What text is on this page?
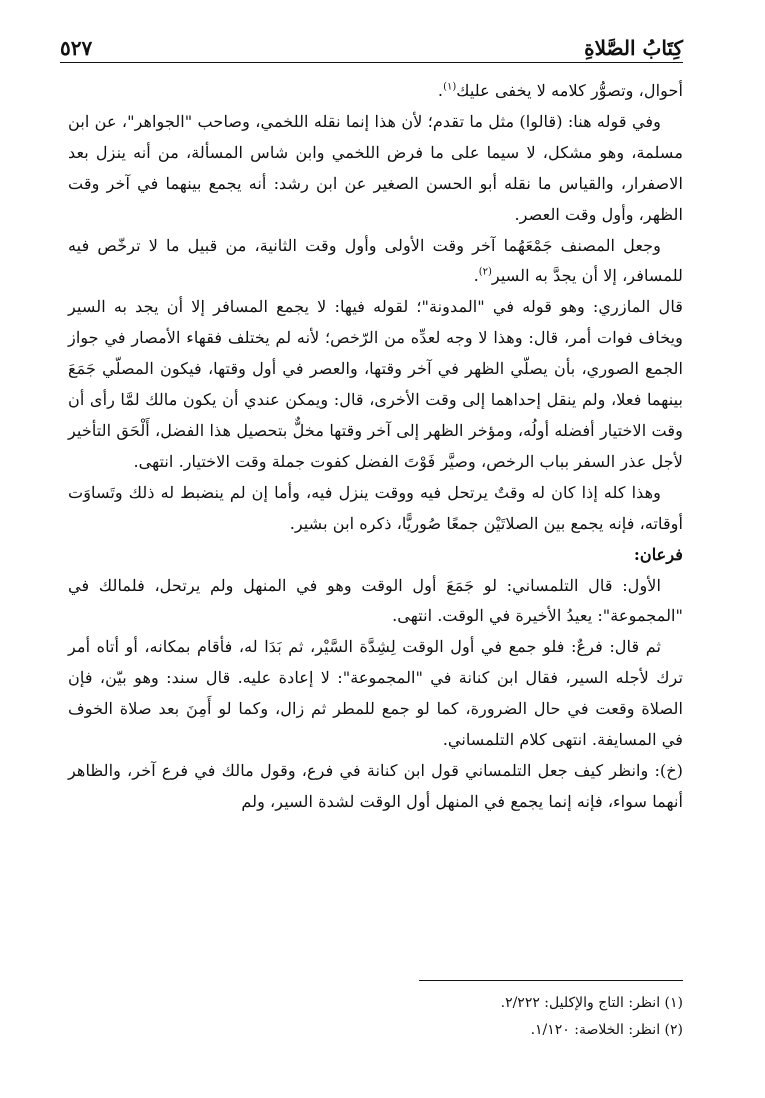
كِتَابُ الصَّلاةِ
٥٢٧

أحوال، وتصوُّر كلامه لا يخفى عليك$^{(١)}$.

وفي قوله هنا: (قالوا) مثل ما تقدم؛ لأن هذا إنما نقله اللخمي، وصاحب "الجواهر"، عن ابن مسلمة، وهو مشكل، لا سيما على ما فرض اللخمي وابن شاس المسألة، من أنه ينزل بعد الاصفرار، والقياس ما نقله أبو الحسن الصغير عن ابن رشد: أنه يجمع بينهما في آخر وقت الظهر، وأول وقت العصر.

وجعل المصنف جَمْعَهُما آخر وقت الأولى وأول وقت الثانية، من قبيل ما لا ترخّص فيه للمسافر، إلا أن يجدَّ به السير$^{(٢)}$.

قال المازري: وهو قوله في "المدونة"؛ لقوله فيها: لا يجمع المسافر إلا أن يجد به السير ويخاف فوات أمر، قال: وهذا لا وجه لعدِّه من الرّخص؛ لأنه لم يختلف فقهاء الأمصار في جواز الجمع الصوري، بأن يصلّي الظهر في آخر وقتها، والعصر في أول وقتها، فيكون المصلّي جَمَعَ بينهما فعلا، ولم ينقل إحداهما إلى وقت الأخرى، قال: ويمكن عندي أن يكون مالك لمَّا رأى أن وقت الاختيار أفضله أولُه، ومؤخر الظهر إلى آخر وقتها مخلٌّ بتحصيل هذا الفضل، أَلْحَق التأخير لأجل عذر السفر بباب الرخص، وصيَّر فَوْتَ الفضل كفوت جملة وقت الاختيار. انتهى.

وهذا كله إذا كان له وقتٌ يرتحل فيه ووقت ينزل فيه، وأما إن لم ينضبط له ذلك وتَساوَت أوقاته، فإنه يجمع بين الصلاتَيْن جمعًا صُوريًّا، ذكره ابن بشير.

فرعان:

الأول: قال التلمساني: لو جَمَعَ أول الوقت وهو في المنهل ولم يرتحل، فلمالك في "المجموعة": يعيدُ الأخيرة في الوقت. انتهى.

ثم قال: فرعٌ: فلو جمع في أول الوقت لِشِدَّة السَّيْر، ثم بَدَا له، فأقام بمكانه، أو أتاه أمر ترك لأجله السير، فقال ابن كنانة في "المجموعة": لا إعادة عليه. قال سند: وهو بيّن، فإن الصلاة وقعت في حال الضرورة، كما لو جمع للمطر ثم زال، وكما لو أَمِنَ بعد صلاة الخوف في المسايفة. انتهى كلام التلمساني.

(خ): وانظر كيف جعل التلمساني قول ابن كنانة في فرع، وقول مالك في فرع آخر، والظاهر أنهما سواء، فإنه إنما يجمع في المنهل أول الوقت لشدة السير، ولم

(١) انظر: التاج والإكليل: ٢/٢٢٢.
(٢) انظر: الخلاصة: ١/١٢٠.
